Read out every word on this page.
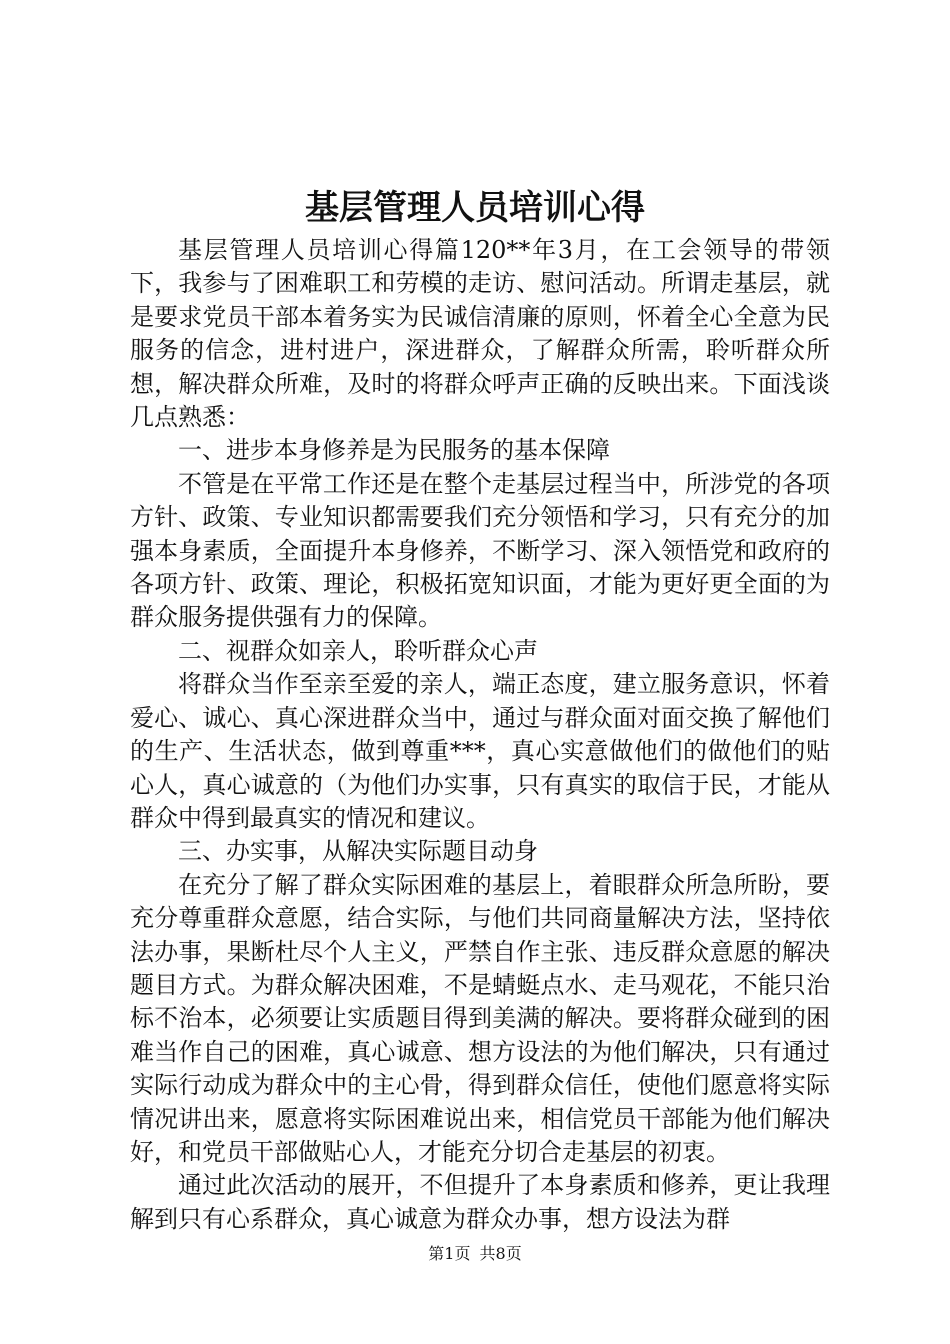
基层管理人员培训心得

基层管理人员培训心得篇120**年3月，在工会领导的带领下，我参与了困难职工和劳模的走访、慰问活动。所谓走基层，就是要求党员干部本着务实为民诚信清廉的原则，怀着全心全意为民服务的信念，进村进户，深进群众，了解群众所需，聆听群众所想，解决群众所难，及时的将群众呼声正确的反映出来。下面浅谈几点熟悉：

一、进步本身修养是为民服务的基本保障

不管是在平常工作还是在整个走基层过程当中，所涉党的各项方针、政策、专业知识都需要我们充分领悟和学习，只有充分的加强本身素质，全面提升本身修养，不断学习、深入领悟党和政府的各项方针、政策、理论，积极拓宽知识面，才能为更好更全面的为群众服务提供强有力的保障。

二、视群众如亲人，聆听群众心声

将群众当作至亲至爱的亲人，端正态度，建立服务意识，怀着爱心、诚心、真心深进群众当中，通过与群众面对面交换了解他们的生产、生活状态，做到尊重***，真心实意做他们的做他们的贴心人，真心诚意的（为他们办实事，只有真实的取信于民，才能从群众中得到最真实的情况和建议。

三、办实事，从解决实际题目动身

在充分了解了群众实际困难的基层上，着眼群众所急所盼，要充分尊重群众意愿，结合实际，与他们共同商量解决方法，坚持依法办事，果断杜尽个人主义，严禁自作主张、违反群众意愿的解决题目方式。为群众解决困难，不是蜻蜓点水、走马观花，不能只治标不治本，必须要让实质题目得到美满的解决。要将群众碰到的困难当作自己的困难，真心诚意、想方设法的为他们解决，只有通过实际行动成为群众中的主心骨，得到群众信任，使他们愿意将实际情况讲出来，愿意将实际困难说出来，相信党员干部能为他们解决好，和党员干部做贴心人，才能充分切合走基层的初衷。

通过此次活动的展开，不但提升了本身素质和修养，更让我理解到只有心系群众，真心诚意为群众办事，想方设法为群

第1页 共8页
